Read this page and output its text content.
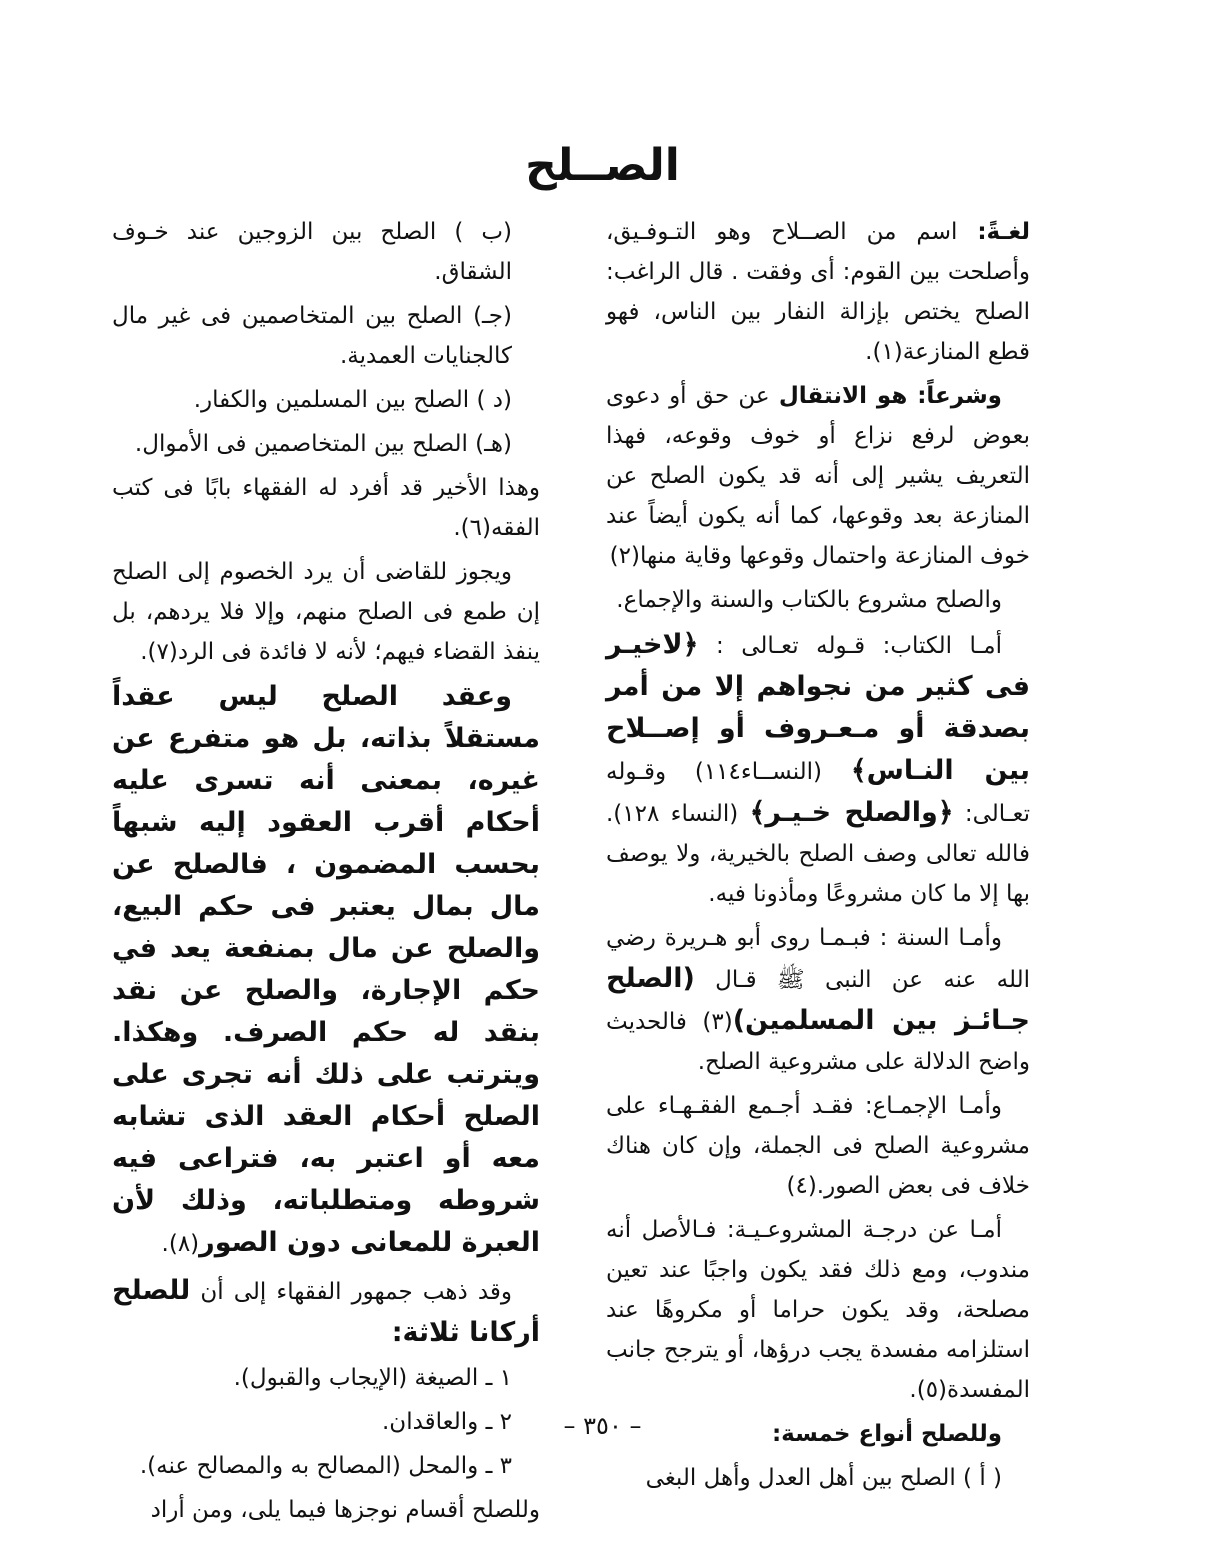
الصــلح

لغـةً: اسم من الصــلاح وهو التـوفـيق، وأصلحت بين القوم: أى وفقت . قال الراغب: الصلح يختص بإزالة النفار بين الناس، فهو قطع المنازعة(١).

وشرعاً: هو الانتقال عن حق أو دعوى بعوض لرفع نزاع أو خوف وقوعه، فهذا التعريف يشير إلى أنه قد يكون الصلح عن المنازعة بعد وقوعها، كما أنه يكون أيضاً عند خوف المنازعة واحتمال وقوعها وقاية منها(٢)

والصلح مشروع بالكتاب والسنة والإجماع.

أمـا الكتاب: قـوله تعـالى : ﴿لاخيـر فى كثير من نجواهم إلا من أمر بصدقة أو مـعـروف أو إصــلاح بين النـاس﴾ (النســاء١١٤) وقـوله تعـالى: ﴿والصلح خـيـر﴾ (النساء ١٢٨). فالله تعالى وصف الصلح بالخيرية، ولا يوصف بها إلا ما كان مشروعًا ومأذونا فيه.

وأمـا السنة : فبـمـا روى أبو هـريرة رضي الله عنه عن النبى ﷺ قـال (الصلح جـائـز بين المسلمين)(٣) فالحديث واضح الدلالة على مشروعية الصلح.

وأمـا الإجمـاع: فقـد أجـمع الفقـهـاء على مشروعية الصلح فى الجملة، وإن كان هناك خلاف فى بعض الصور.(٤)

أمـا عن درجـة المشروعـيـة: فـالأصل أنه مندوب، ومع ذلك فقد يكون واجبًا عند تعين مصلحة، وقد يكون حراما أو مكروهًا عند استلزامه مفسدة يجب درؤها، أو يترجح جانب المفسدة(٥).

وللصلح أنواع خمسة:

( أ ) الصلح بين أهل العدل وأهل البغى

(ب ) الصلح بين الزوجين عند خـوف الشقاق.

(جـ) الصلح بين المتخاصمين فى غير مال كالجنايات العمدية.

(د ) الصلح بين المسلمين والكفار.

(هـ) الصلح بين المتخاصمين فى الأموال.

وهذا الأخير قد أفرد له الفقهاء بابًا فى كتب الفقه(٦).

ويجوز للقاضى أن يرد الخصوم إلى الصلح إن طمع فى الصلح منهم، وإلا فلا يردهم، بل ينفذ القضاء فيهم؛ لأنه لا فائدة فى الرد(٧).

وعقد الصلح ليس عقداً مستقلاً بذاته، بل هو متفرع عن غيره، بمعنى أنه تسرى عليه أحكام أقرب العقود إليه شبهاً بحسب المضمون ، فالصلح عن مال بمال يعتبر فى حكم البيع، والصلح عن مال بمنفعة يعد في حكم الإجارة، والصلح عن نقد بنقد له حكم الصرف. وهكذا. ويترتب على ذلك أنه تجرى على الصلح أحكام العقد الذى تشابه معه أو اعتبر به، فتراعى فيه شروطه ومتطلباته، وذلك لأن العبرة للمعانى دون الصور(٨).

وقد ذهب جمهور الفقهاء إلى أن للصلح أركانا ثلاثة:

١ ـ الصيغة (الإيجاب والقبول).

٢ ـ والعاقدان.

٣ ـ والمحل (المصالح به والمصالح عنه).

وللصلح أقسام نوجزها فيما يلى، ومن أراد

– ٣٥٠ –
